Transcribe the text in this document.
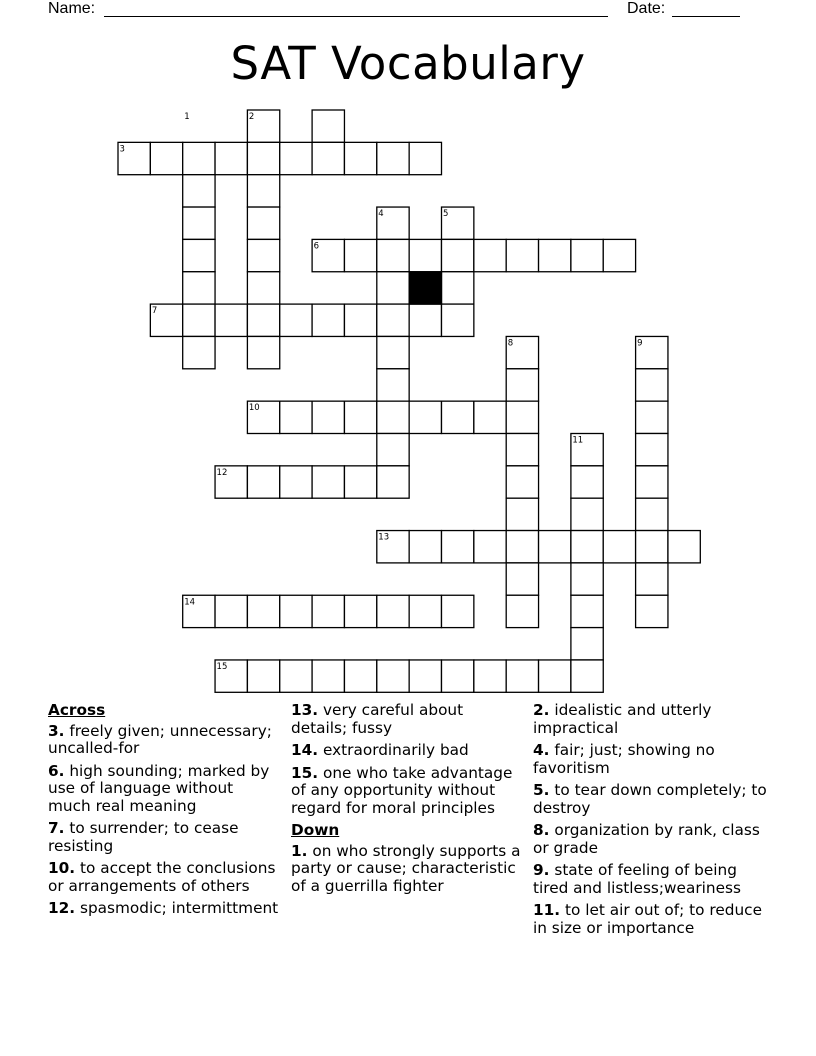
Name:	Date:
SAT Vocabulary
1	2
3
4	5
6
7
8	9
10
11
12
13
14
15
Across
3. freely given; unnecessary; uncalled-for
6. high sounding; marked by use of language without much real meaning
7. to surrender; to cease resisting
10. to accept the conclusions or arrangements of others
12. spasmodic; intermittment
13. very careful about details; fussy
14. extraordinarily bad
15. one who take advantage of any opportunity without regard for moral principles
Down
1. on who strongly supports a party or cause; characteristic of a guerrilla fighter
2. idealistic and utterly impractical
4. fair; just; showing no favoritism
5. to tear down completely; to destroy
8. organization by rank, class or grade
9. state of feeling of being tired and listless;weariness
11. to let air out of; to reduce in size or importance
